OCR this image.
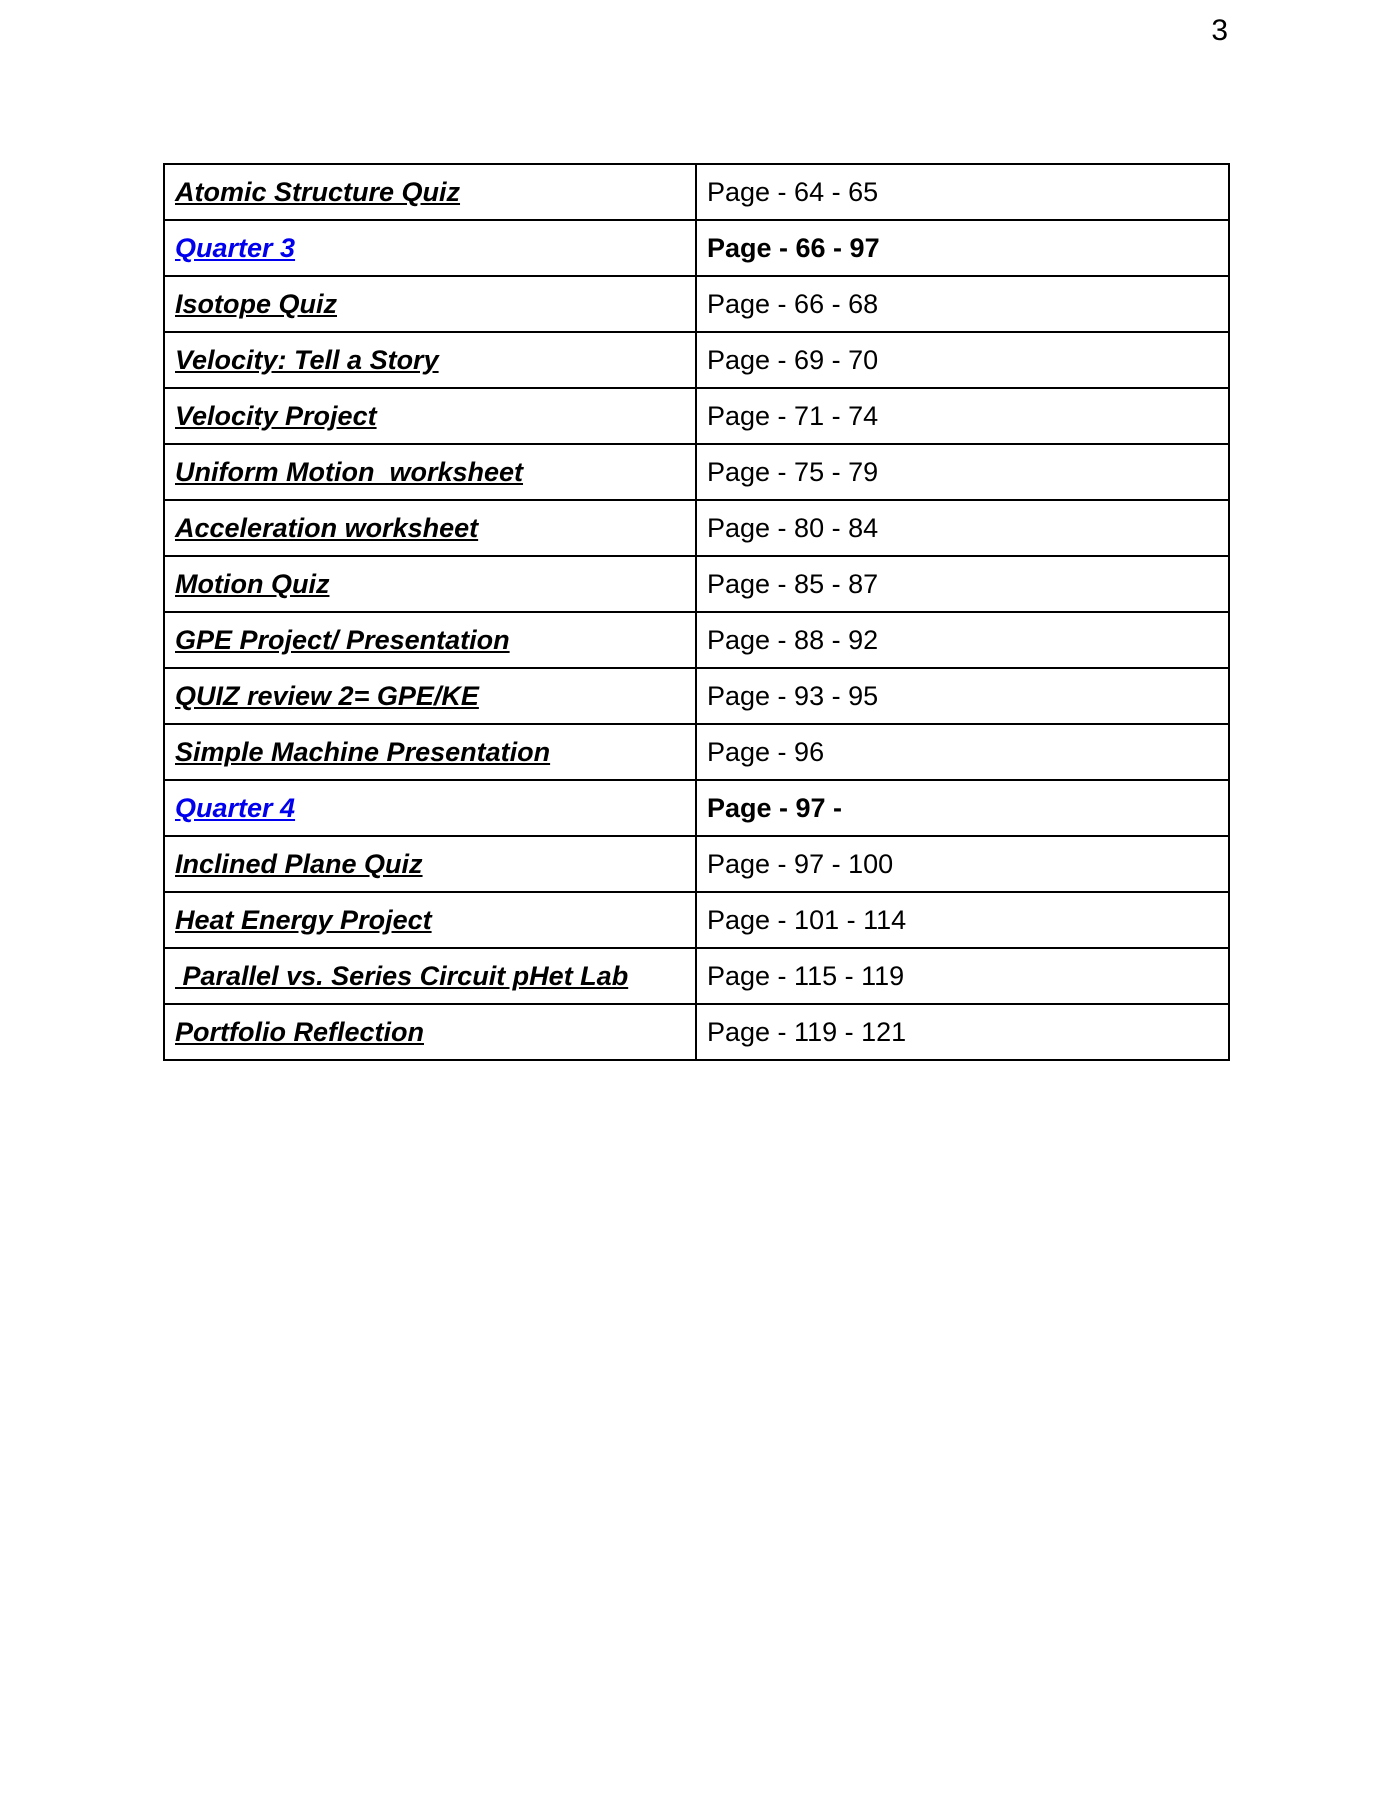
3
Atomic Structure Quiz	Page - 64 - 65
Quarter 3	Page - 66 - 97
Isotope Quiz	Page - 66 - 68
Velocity: Tell a Story	Page - 69 - 70
Velocity Project	Page - 71 - 74
Uniform Motion  worksheet	Page - 75 - 79
Acceleration worksheet	Page - 80 - 84
Motion Quiz	Page - 85 - 87
GPE Project/ Presentation	Page - 88 - 92
QUIZ review 2= GPE/KE	Page - 93 - 95
Simple Machine Presentation	Page - 96
Quarter 4	Page - 97 -
Inclined Plane Quiz	Page - 97 - 100
Heat Energy Project	Page - 101 - 114
Parallel vs. Series Circuit pHet Lab	Page - 115 - 119
Portfolio Reflection	Page - 119 - 121
